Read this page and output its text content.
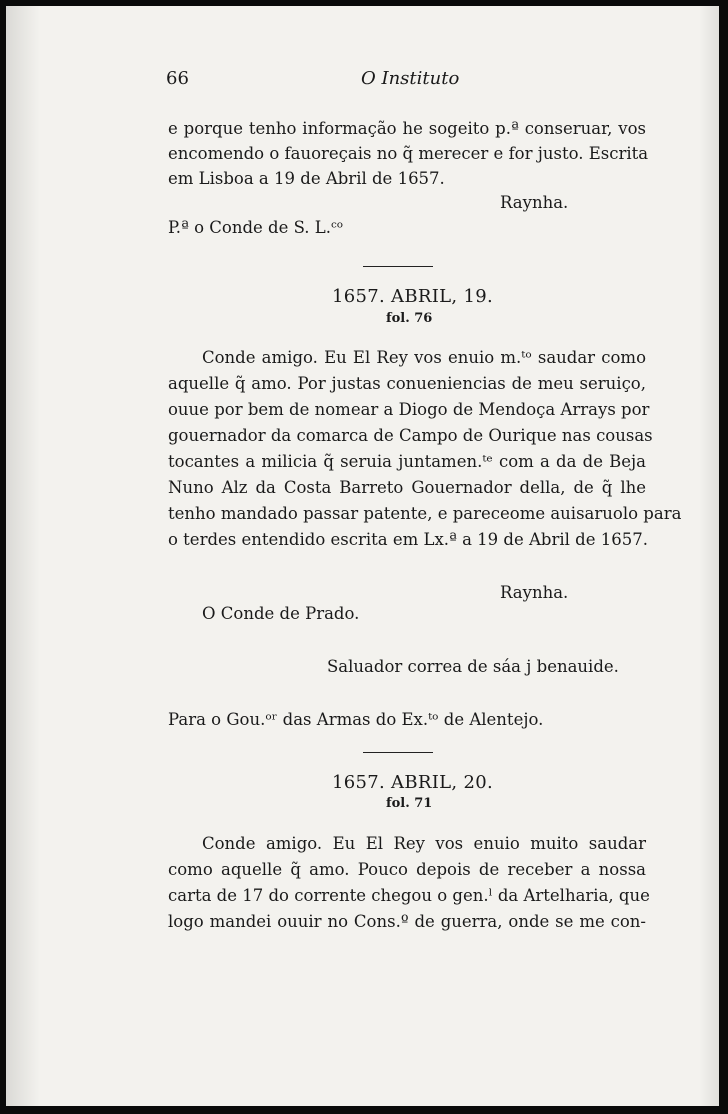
66	O Instituto
e porque tenho informação he sogeito p.ª conseruar, vos
encomendo o fauoreçais no q̃ merecer e for justo. Escrita
em Lisboa a 19 de Abril de 1657.
Raynha.
P.ª o Conde de S. L.ᶜᵒ
1657. ABRIL, 19.
fol. 76
Conde amigo. Eu El Rey vos enuio m.ᵗᵒ saudar como
aquelle q̃ amo. Por justas conueniencias de meu seruiço,
ouue por bem de nomear a Diogo de Mendoça Arrays por
gouernador da comarca de Campo de Ourique nas cousas
tocantes a milicia q̃ seruia juntamen.ᵗᵉ com a da de Beja
Nuno Alz da Costa Barreto Gouernador della, de q̃ lhe
tenho mandado passar patente, e pareceome auisaruolo para
o terdes entendido escrita em Lx.ª a 19 de Abril de 1657.
Raynha.
O Conde de Prado.
Saluador correa de sáa j benauide.
Para o Gou.ᵒʳ das Armas do Ex.ᵗᵒ de Alentejo.
1657. ABRIL, 20.
fol. 71
Conde amigo. Eu El Rey vos enuio muito saudar
como aquelle q̃ amo. Pouco depois de receber a nossa
carta de 17 do corrente chegou o gen.ˡ da Artelharia, que
logo mandei ouuir no Cons.º de guerra, onde se me con-
